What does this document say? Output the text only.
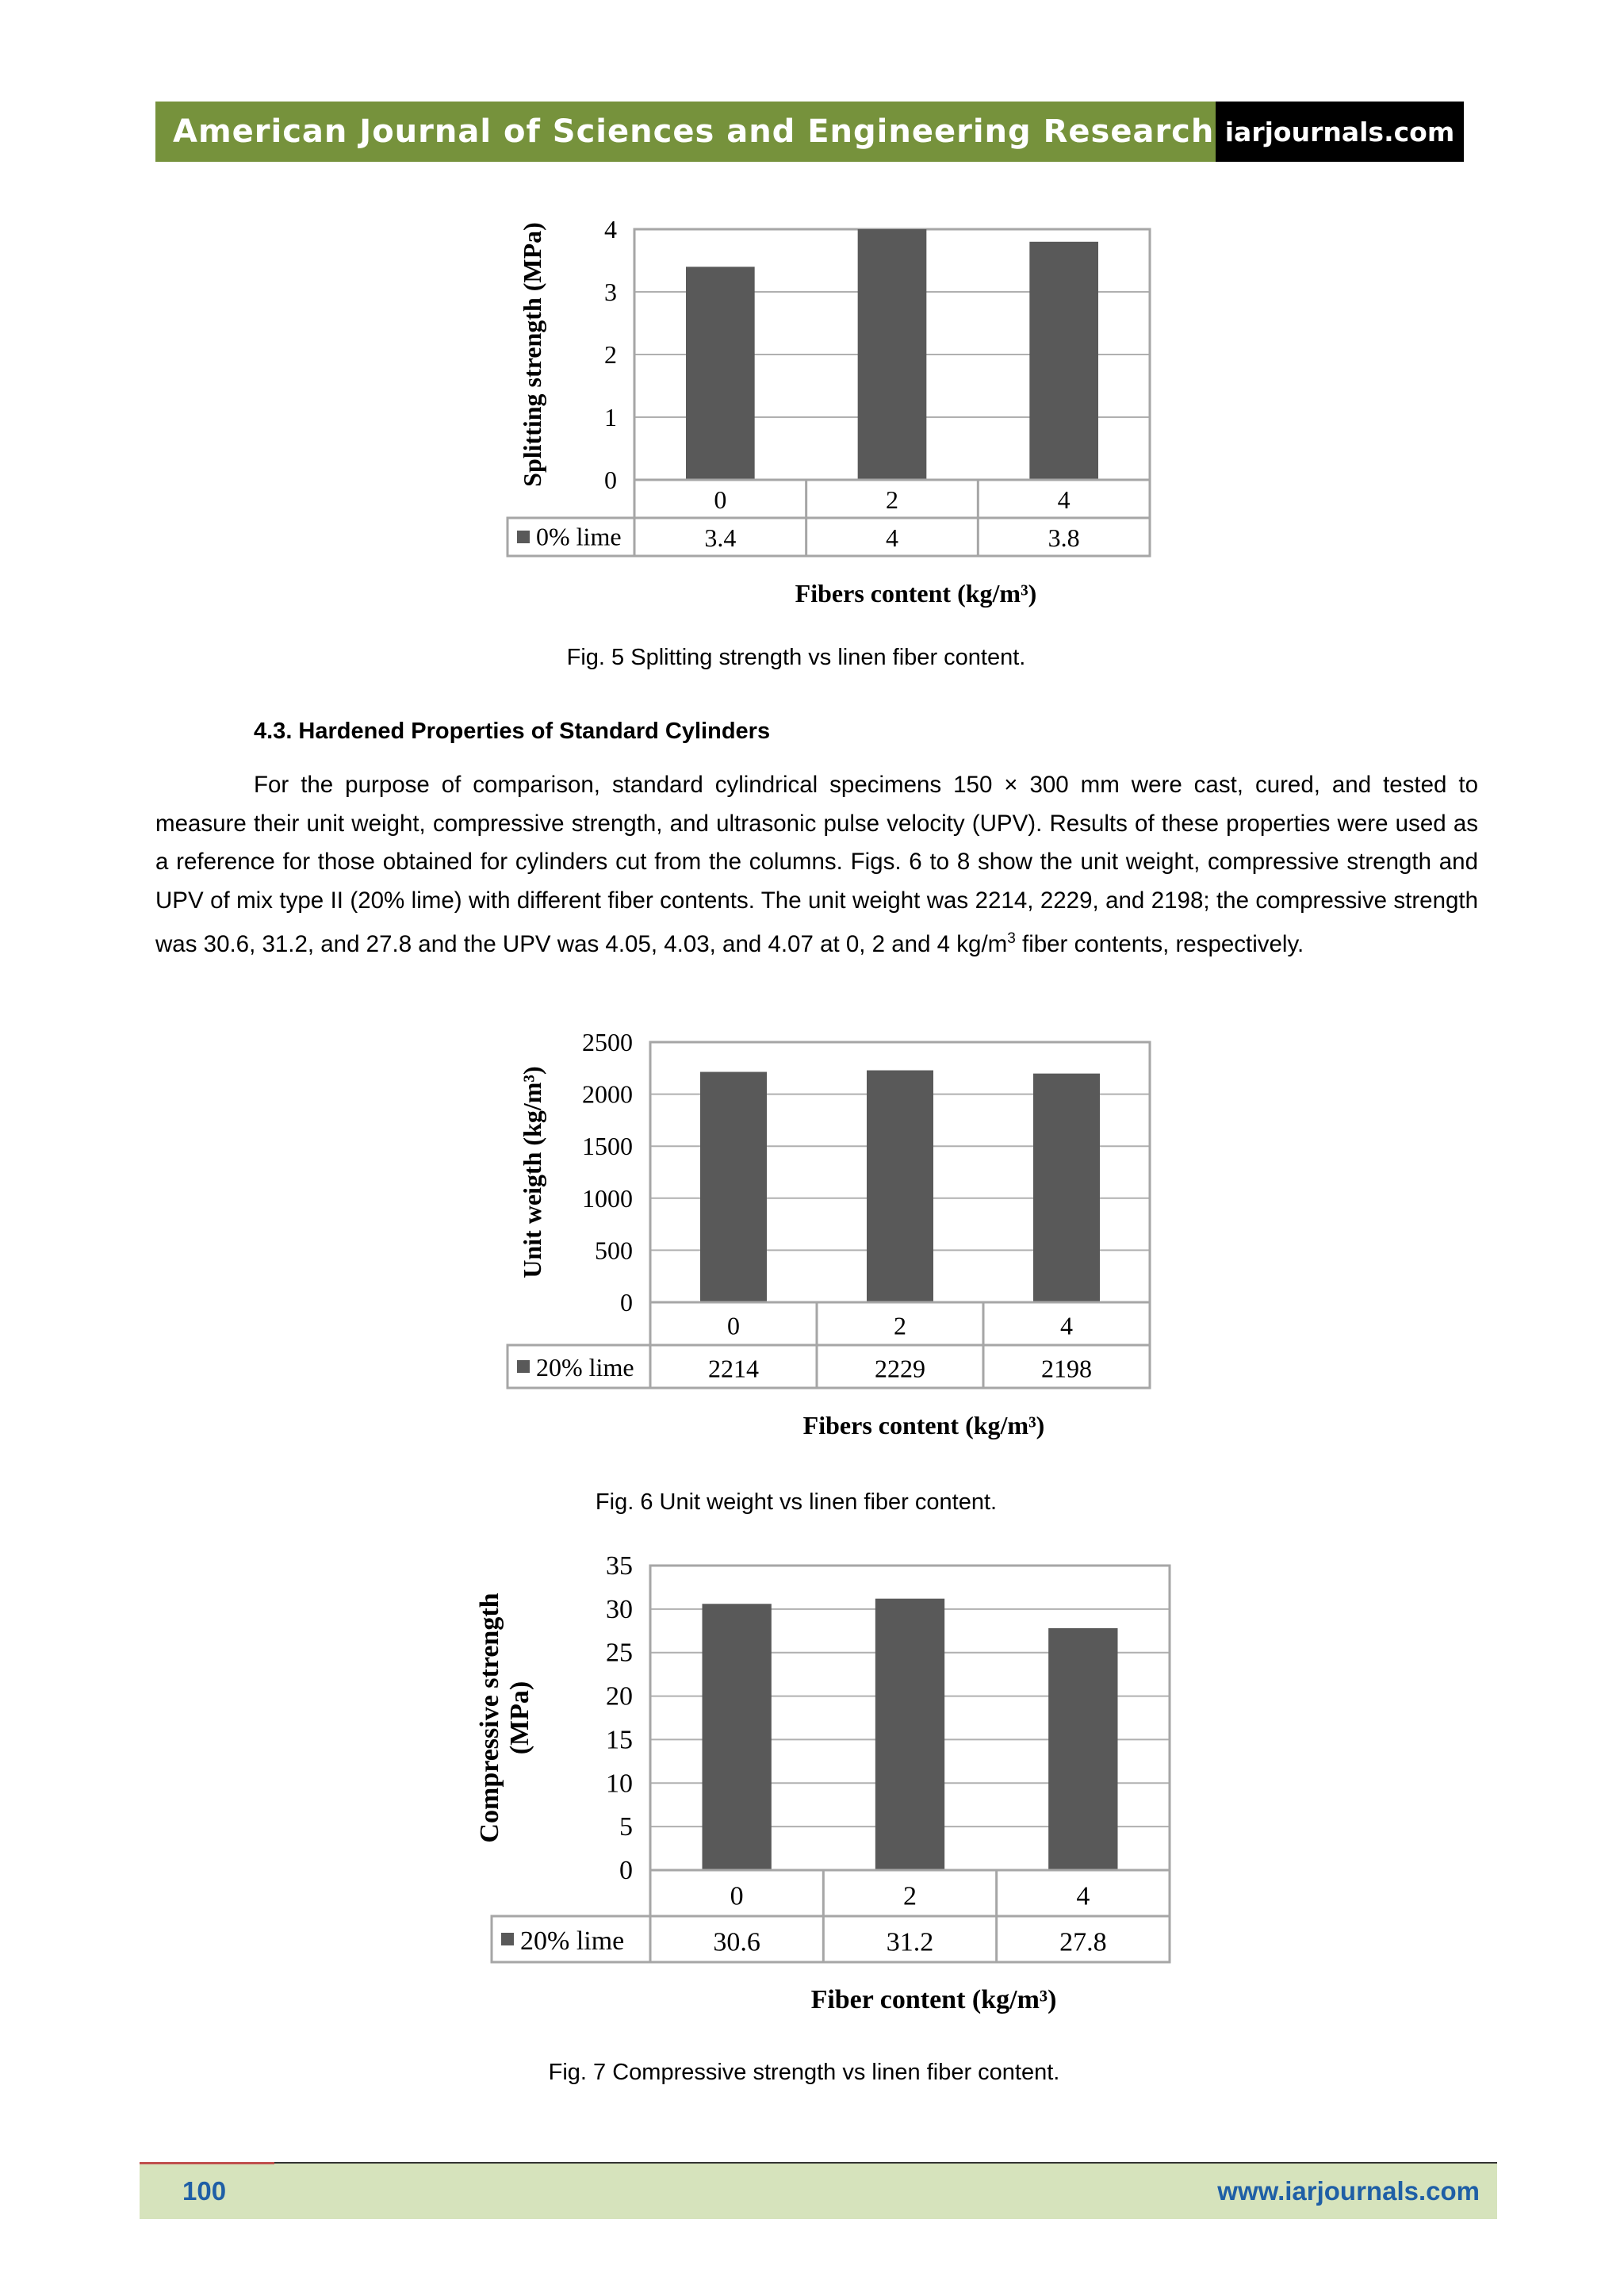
American Journal of Sciences and Engineering Research iarjournals.com
0
1
2
3
4
0	2	4
3.4	4	3.8
0% lime
Fibers content (kg/m³)
Splitting strength (MPa)
Fig. 5 Splitting strength vs linen fiber content.
4.3. Hardened Properties of Standard Cylinders

For the purpose of comparison, standard cylindrical specimens 150 × 300 mm were cast, cured, and tested to measure their unit weight, compressive strength, and ultrasonic pulse velocity (UPV). Results of these properties were used as a reference for those obtained for cylinders cut from the columns. Figs. 6 to 8 show the unit weight, compressive strength and UPV of mix type II (20% lime) with different fiber contents. The unit weight was 2214, 2229, and 2198; the compressive strength was 30.6, 31.2, and 27.8 and the UPV was 4.05, 4.03, and 4.07 at 0, 2 and 4 $kg/m^3$ fiber contents, respectively.

0
500
1000
1500
2000
2500
0	2	4
2214	2229	2198
20% lime
Fibers content (kg/m³)
Unit weigth (kg/m³)
Fig. 6 Unit weight vs linen fiber content.
0
5
10
15
20
25
30
35
0	2	4
30.6	31.2	27.8
20% lime
Fiber content (kg/m³)
Compressive strength (MPa)
Fig. 7 Compressive strength vs linen fiber content.
100	www.iarjournals.com
